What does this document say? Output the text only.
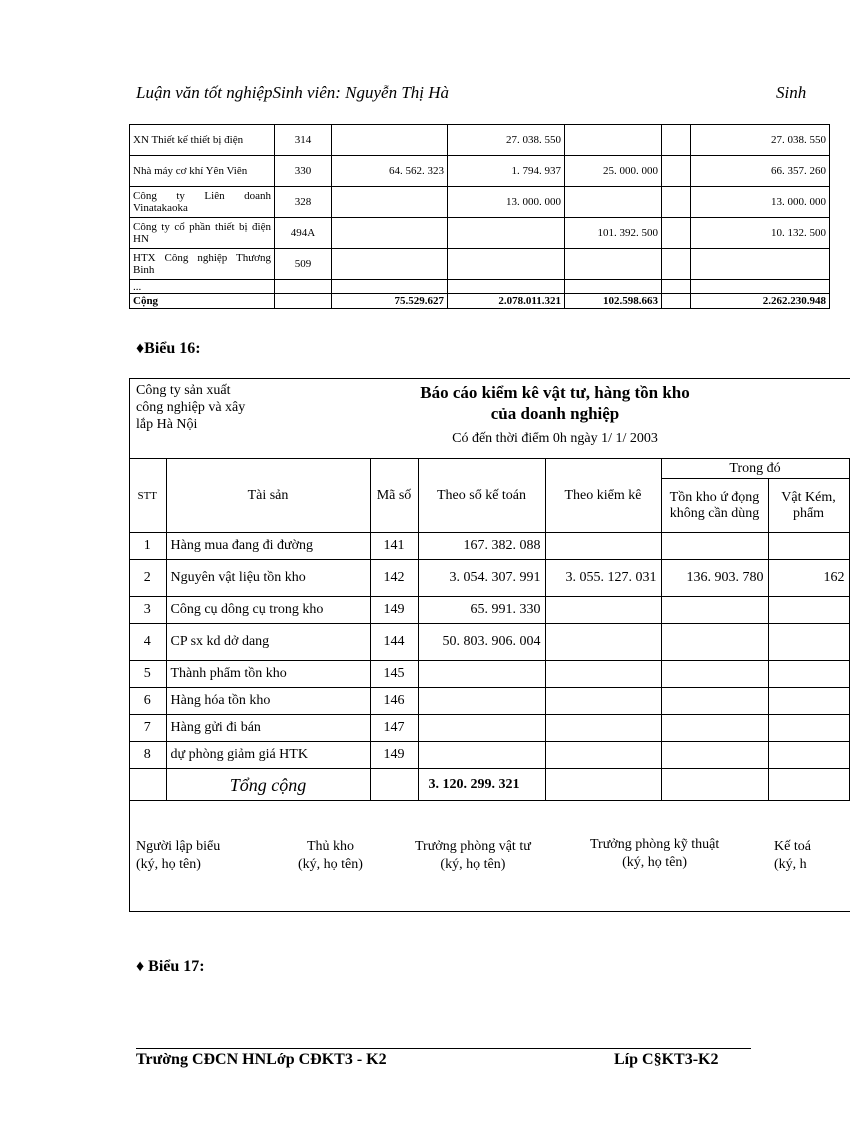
Luận văn tốt nghiệpSinh viên: Nguyễn Thị Hà	Sinh
XN Thiết kế thiết bị điện	314		27. 038. 550			27. 038. 550
Nhà máy cơ khí Yên Viên	330	64. 562. 323	1. 794. 937	25. 000. 000		66. 357. 260
Công ty Liên doanh Vinatakaoka	328		13. 000. 000			13. 000. 000
Công ty cổ phần thiết bị điện HN	494A			101. 392. 500		10. 132. 500
HTX Công nghiệp Thương Binh	509					
...						
Cộng		75.529.627	2.078.011.321	102.598.663		2.262.230.948
♦Biểu 16:
Công ty sản xuất
công nghiệp và xây
lắp Hà Nội
Báo cáo kiểm kê vật tư, hàng tồn kho
của doanh nghiệp
Có đến thời điểm 0h ngày 1/ 1/ 2003
STT	Tài sản	Mã số	Theo sổ kế toán	Theo kiểm kê	Trong đó	
					Tồn kho ứ đọng không cần dùng	Vật Kém, phẩm
1	Hàng mua đang đi đường	141	167. 382. 088			
2	Nguyên vật liệu tồn kho	142	3. 054. 307. 991	3. 055. 127. 031	136. 903. 780	162
3	Công cụ dông cụ trong kho	149	65. 991. 330			
4	CP sx kd dở dang	144	50. 803. 906. 004			
5	Thành phẩm tồn kho	145				
6	Hàng hóa tồn kho	146				
7	Hàng gửi đi bán	147				
8	dự phòng giảm giá HTK	149				
	Tổng cộng		3. 120. 299. 321			
Người lập biểu
(ký, họ tên)
Thủ kho
(ký, họ tên)
Trưởng phòng vật tư
(ký, họ tên)
Trưởng phòng kỹ thuật
(ký, họ tên)
Kế toá
(ký, h
♦ Biểu 17:
Trường CĐCN HNLớp CĐKT3 - K2	Líp C§KT3-K2
